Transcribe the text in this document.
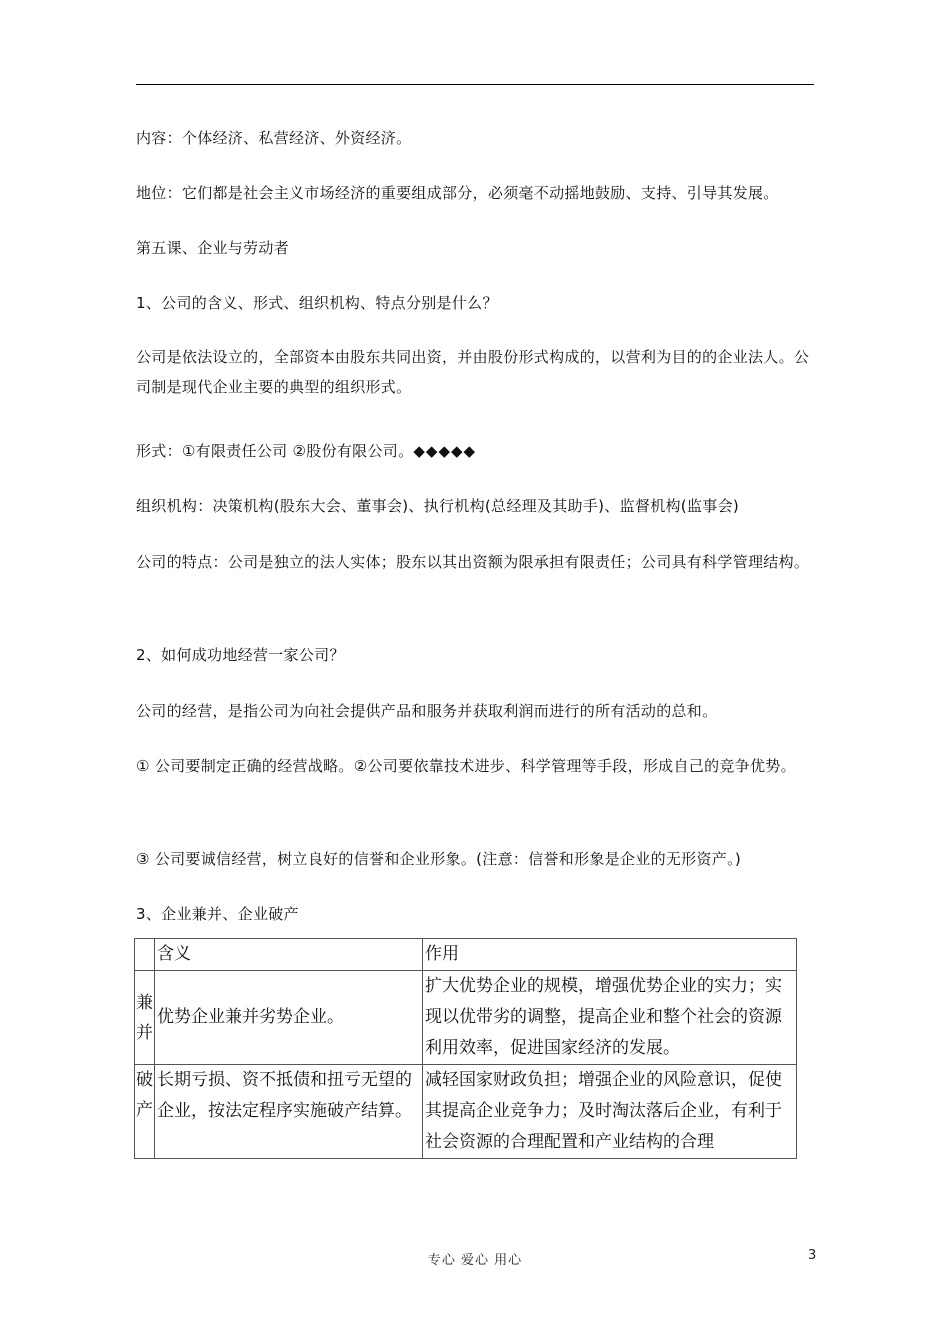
内容：个体经济、私营经济、外资经济。
地位：它们都是社会主义市场经济的重要组成部分，必须毫不动摇地鼓励、支持、引导其发展。
第五课、企业与劳动者
1、公司的含义、形式、组织机构、特点分别是什么？
公司是依法设立的，全部资本由股东共同出资，并由股份形式构成的，以营利为目的的企业法人。公司制是现代企业主要的典型的组织形式。
形式：①有限责任公司 ②股份有限公司。◆◆◆◆◆
组织机构：决策机构(股东大会、董事会)、执行机构(总经理及其助手)、监督机构(监事会)
公司的特点：公司是独立的法人实体；股东以其出资额为限承担有限责任；公司具有科学管理结构。
2、如何成功地经营一家公司？
公司的经营，是指公司为向社会提供产品和服务并获取利润而进行的所有活动的总和。
① 公司要制定正确的经营战略。②公司要依靠技术进步、科学管理等手段，形成自己的竞争优势。
③ 公司要诚信经营，树立良好的信誉和企业形象。(注意：信誉和形象是企业的无形资产。)
3、企业兼并、企业破产
	含义	作用
兼并	优势企业兼并劣势企业。	扩大优势企业的规模，增强优势企业的实力；实现以优带劣的调整，提高企业和整个社会的资源利用效率，促进国家经济的发展。
破产	长期亏损、资不抵债和扭亏无望的企业，按法定程序实施破产结算。	减轻国家财政负担；增强企业的风险意识，促使其提高企业竞争力；及时淘汰落后企业，有利于社会资源的合理配置和产业结构的合理
专心 爱心 用心	3
